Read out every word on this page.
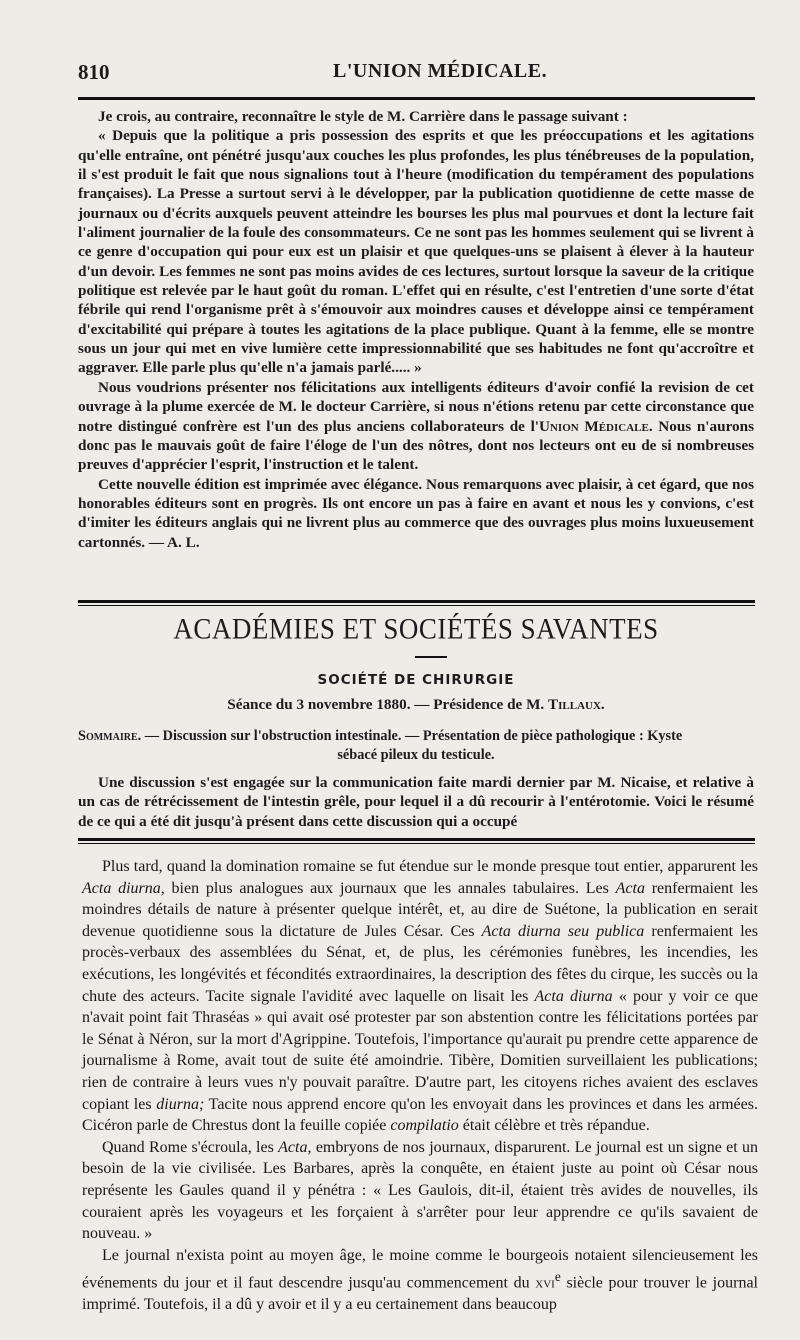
810	L'UNION MÉDICALE.

Je crois, au contraire, reconnaître le style de M. Carrière dans le passage suivant :

« Depuis que la politique a pris possession des esprits et que les préoccupations et les agitations qu'elle entraîne, ont pénétré jusqu'aux couches les plus profondes, les plus ténébreuses de la population, il s'est produit le fait que nous signalions tout à l'heure (modification du tempérament des populations françaises). La Presse a surtout servi à le développer, par la publication quotidienne de cette masse de journaux ou d'écrits auxquels peuvent atteindre les bourses les plus mal pourvues et dont la lecture fait l'aliment journalier de la foule des consommateurs. Ce ne sont pas les hommes seulement qui se livrent à ce genre d'occupation qui pour eux est un plaisir et que quelques-uns se plaisent à élever à la hauteur d'un devoir. Les femmes ne sont pas moins avides de ces lectures, surtout lorsque la saveur de la critique politique est relevée par le haut goût du roman. L'effet qui en résulte, c'est l'entretien d'une sorte d'état fébrile qui rend l'organisme prêt à s'émouvoir aux moindres causes et développe ainsi ce tempérament d'excitabilité qui prépare à toutes les agitations de la place publique. Quant à la femme, elle se montre sous un jour qui met en vive lumière cette impressionnabilité que ses habitudes ne font qu'accroître et aggraver. Elle parle plus qu'elle n'a jamais parlé..... »

Nous voudrions présenter nos félicitations aux intelligents éditeurs d'avoir confié la revision de cet ouvrage à la plume exercée de M. le docteur Carrière, si nous n'étions retenu par cette circonstance que notre distingué confrère est l'un des plus anciens collaborateurs de l'Union Médicale. Nous n'aurons donc pas le mauvais goût de faire l'éloge de l'un des nôtres, dont nos lecteurs ont eu de si nombreuses preuves d'apprécier l'esprit, l'instruction et le talent.

Cette nouvelle édition est imprimée avec élégance. Nous remarquons avec plaisir, à cet égard, que nos honorables éditeurs sont en progrès. Ils ont encore un pas à faire en avant et nous les y convions, c'est d'imiter les éditeurs anglais qui ne livrent plus au commerce que des ouvrages plus moins luxueusement cartonnés. — A. L.

ACADÉMIES ET SOCIÉTÉS SAVANTES
SOCIÉTÉ DE CHIRURGIE
Séance du 3 novembre 1880. — Présidence de M. Tillaux.
Sommaire. — Discussion sur l'obstruction intestinale. — Présentation de pièce pathologique : Kyste
sébacé pileux du testicule.

Une discussion s'est engagée sur la communication faite mardi dernier par M. Nicaise, et relative à un cas de rétrécissement de l'intestin grêle, pour lequel il a dû recourir à l'entérotomie. Voici le résumé de ce qui a été dit jusqu'à présent dans cette discussion qui a occupé

Plus tard, quand la domination romaine se fut étendue sur le monde presque tout entier, apparurent les Acta diurna, bien plus analogues aux journaux que les annales tabulaires. Les Acta renfermaient les moindres détails de nature à présenter quelque intérêt, et, au dire de Suétone, la publication en serait devenue quotidienne sous la dictature de Jules César. Ces Acta diurna seu publica renfermaient les procès-verbaux des assemblées du Sénat, et, de plus, les cérémonies funèbres, les incendies, les exécutions, les longévités et fécondités extraordinaires, la description des fêtes du cirque, les succès ou la chute des acteurs. Tacite signale l'avidité avec laquelle on lisait les Acta diurna « pour y voir ce que n'avait point fait Thraséas » qui avait osé protester par son abstention contre les félicitations portées par le Sénat à Néron, sur la mort d'Agrippine. Toutefois, l'importance qu'aurait pu prendre cette apparence de journalisme à Rome, avait tout de suite été amoindrie. Tibère, Domitien surveillaient les publications; rien de contraire à leurs vues n'y pouvait paraître. D'autre part, les citoyens riches avaient des esclaves copiant les diurna; Tacite nous apprend encore qu'on les envoyait dans les provinces et dans les armées. Cicéron parle de Chrestus dont la feuille copiée compilatio était célèbre et très répandue.

Quand Rome s'écroula, les Acta, embryons de nos journaux, disparurent. Le journal est un signe et un besoin de la vie civilisée. Les Barbares, après la conquête, en étaient juste au point où César nous représente les Gaules quand il y pénétra : « Les Gaulois, dit-il, étaient très avides de nouvelles, ils couraient après les voyageurs et les forçaient à s'arrêter pour leur apprendre ce qu'ils savaient de nouveau. »

Le journal n'exista point au moyen âge, le moine comme le bourgeois notaient silencieusement les événements du jour et il faut descendre jusqu'au commencement du xvi$^e$ siècle pour trouver le journal imprimé. Toutefois, il a dû y avoir et il y a eu certainement dans beaucoup
